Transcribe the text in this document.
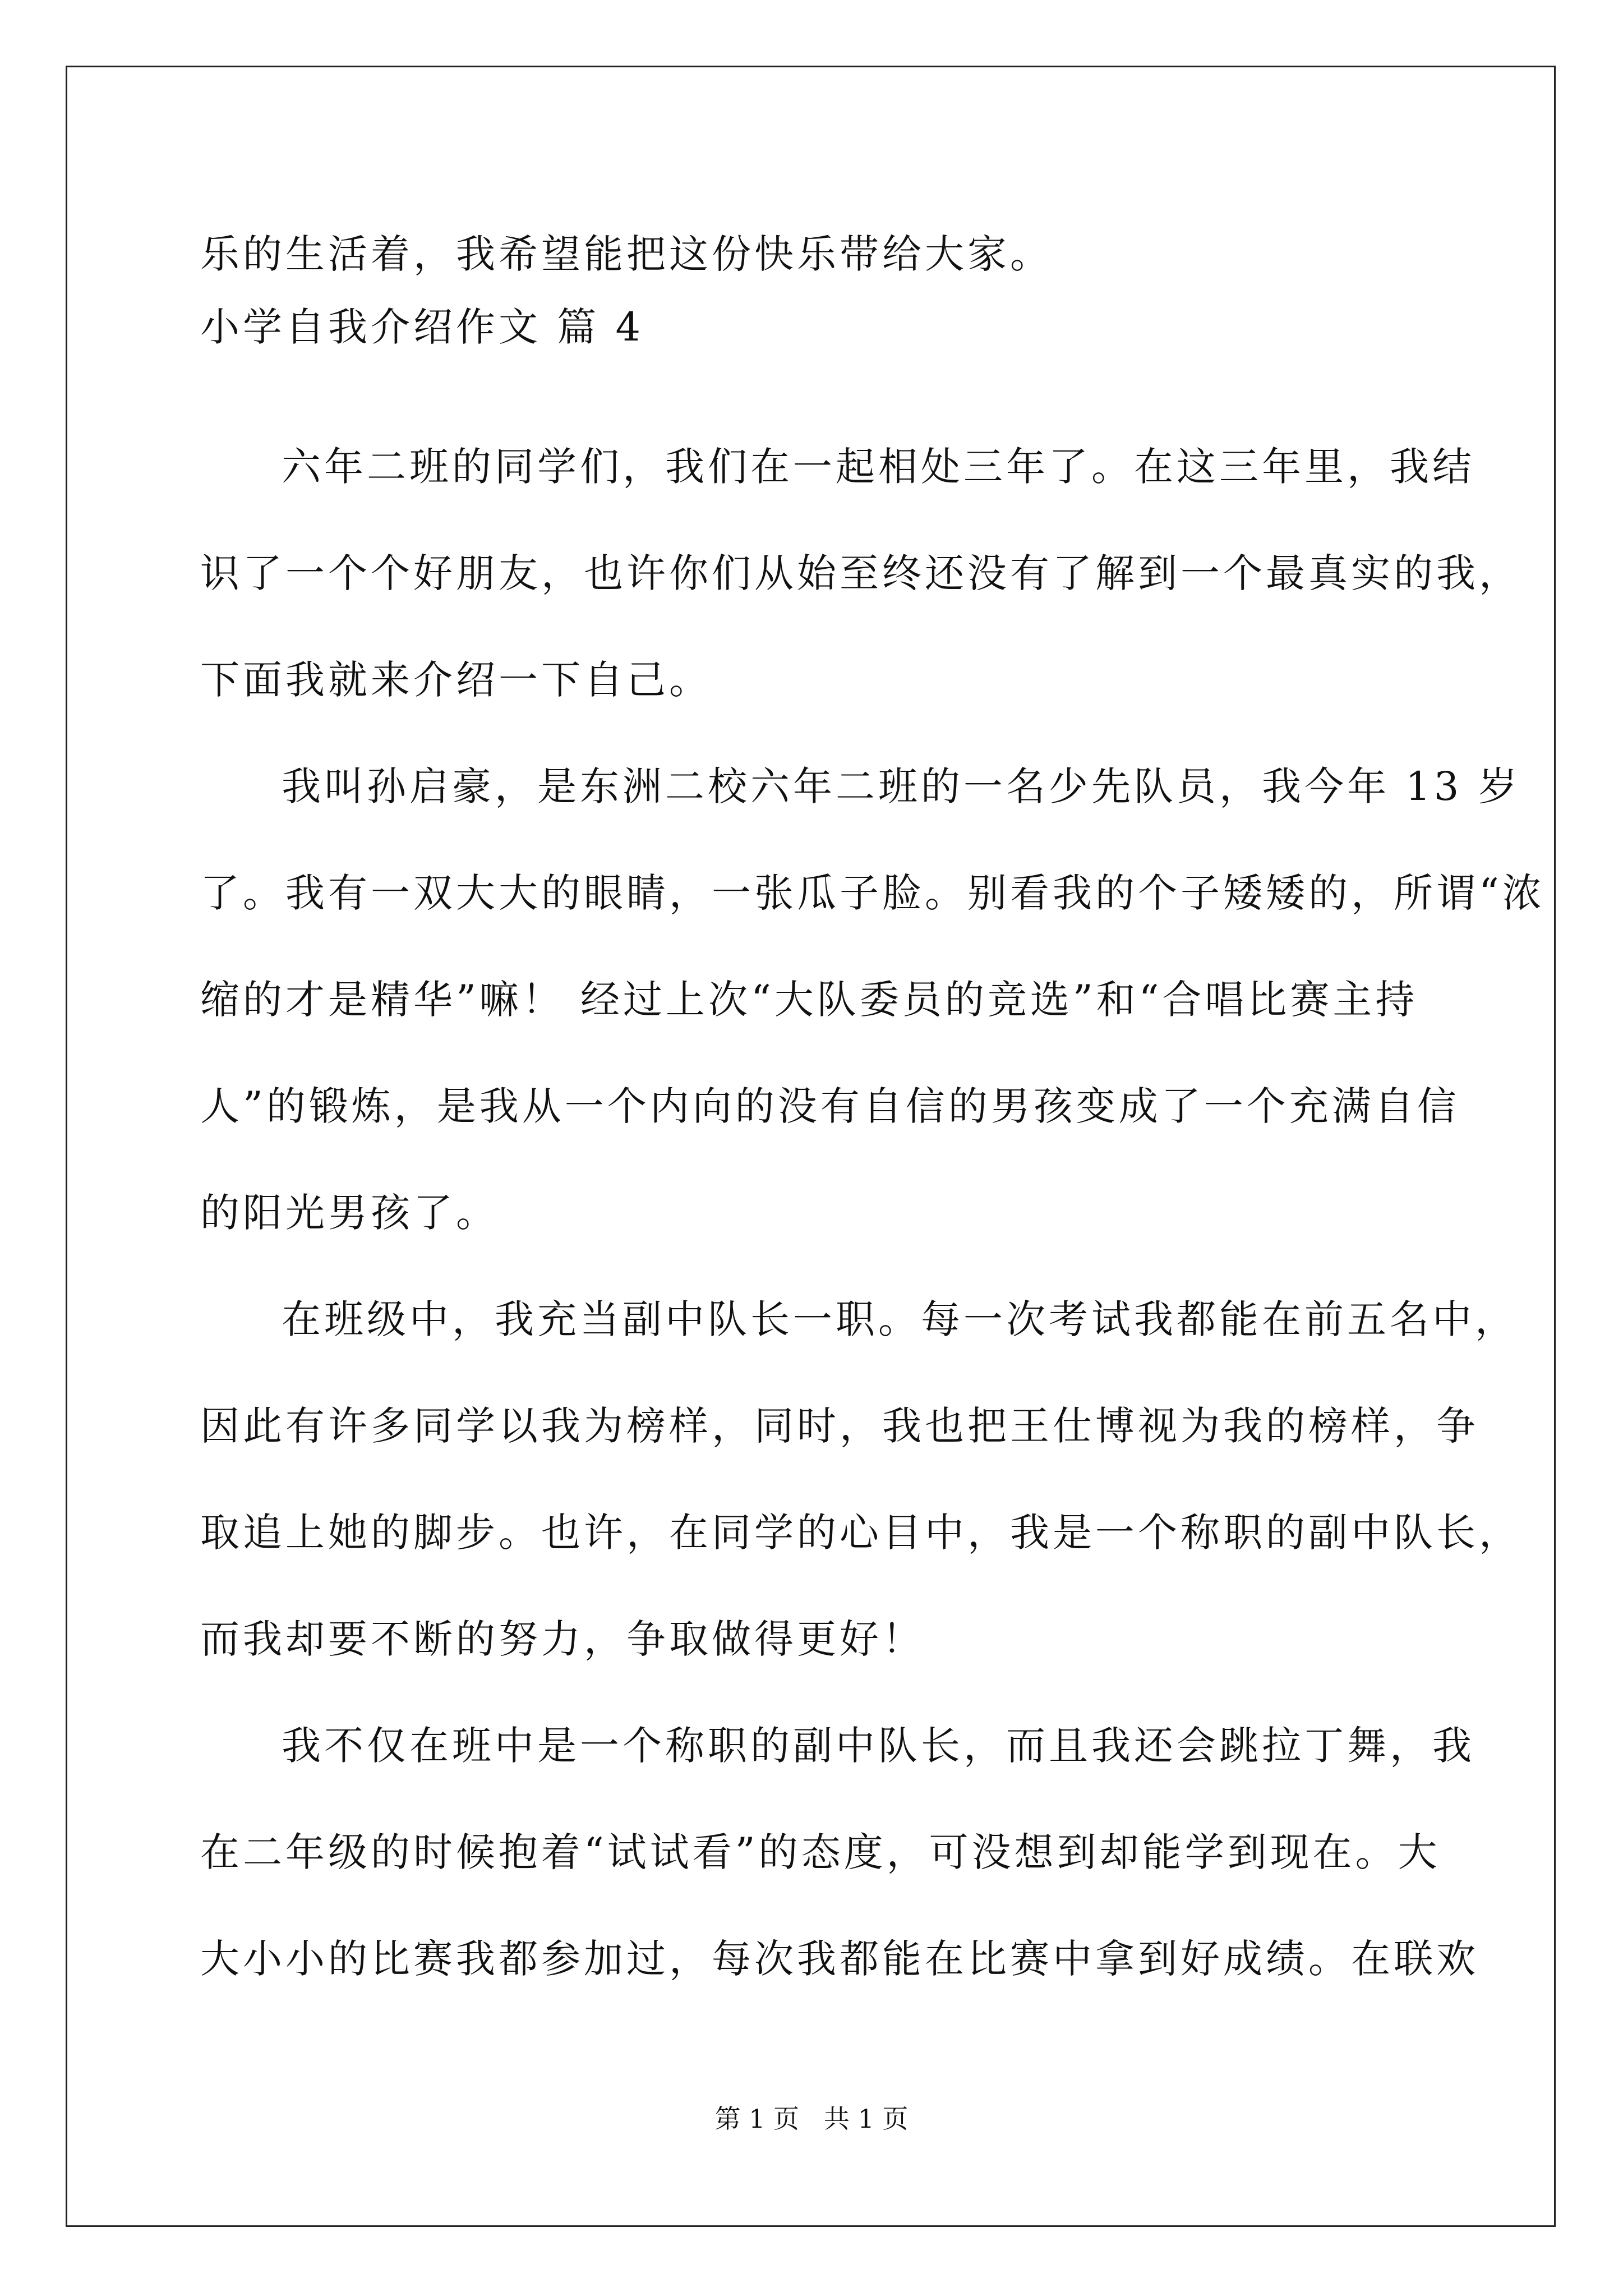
乐的生活着，我希望能把这份快乐带给大家。
小学自我介绍作文 篇 4
六年二班的同学们，我们在一起相处三年了。在这三年里，我结
识了一个个好朋友，也许你们从始至终还没有了解到一个最真实的我，
下面我就来介绍一下自己。
我叫孙启豪，是东洲二校六年二班的一名少先队员，我今年 13 岁
了。我有一双大大的眼睛，一张瓜子脸。别看我的个子矮矮的，所谓“浓
缩的才是精华”嘛！ 经过上次“大队委员的竞选”和“合唱比赛主持
人”的锻炼，是我从一个内向的没有自信的男孩变成了一个充满自信
的阳光男孩了。
在班级中，我充当副中队长一职。每一次考试我都能在前五名中，
因此有许多同学以我为榜样，同时，我也把王仕博视为我的榜样，争
取追上她的脚步。也许，在同学的心目中，我是一个称职的副中队长，
而我却要不断的努力，争取做得更好！
我不仅在班中是一个称职的副中队长，而且我还会跳拉丁舞，我
在二年级的时候抱着“试试看”的态度，可没想到却能学到现在。大
大小小的比赛我都参加过，每次我都能在比赛中拿到好成绩。在联欢
第 1 页   共 1 页
